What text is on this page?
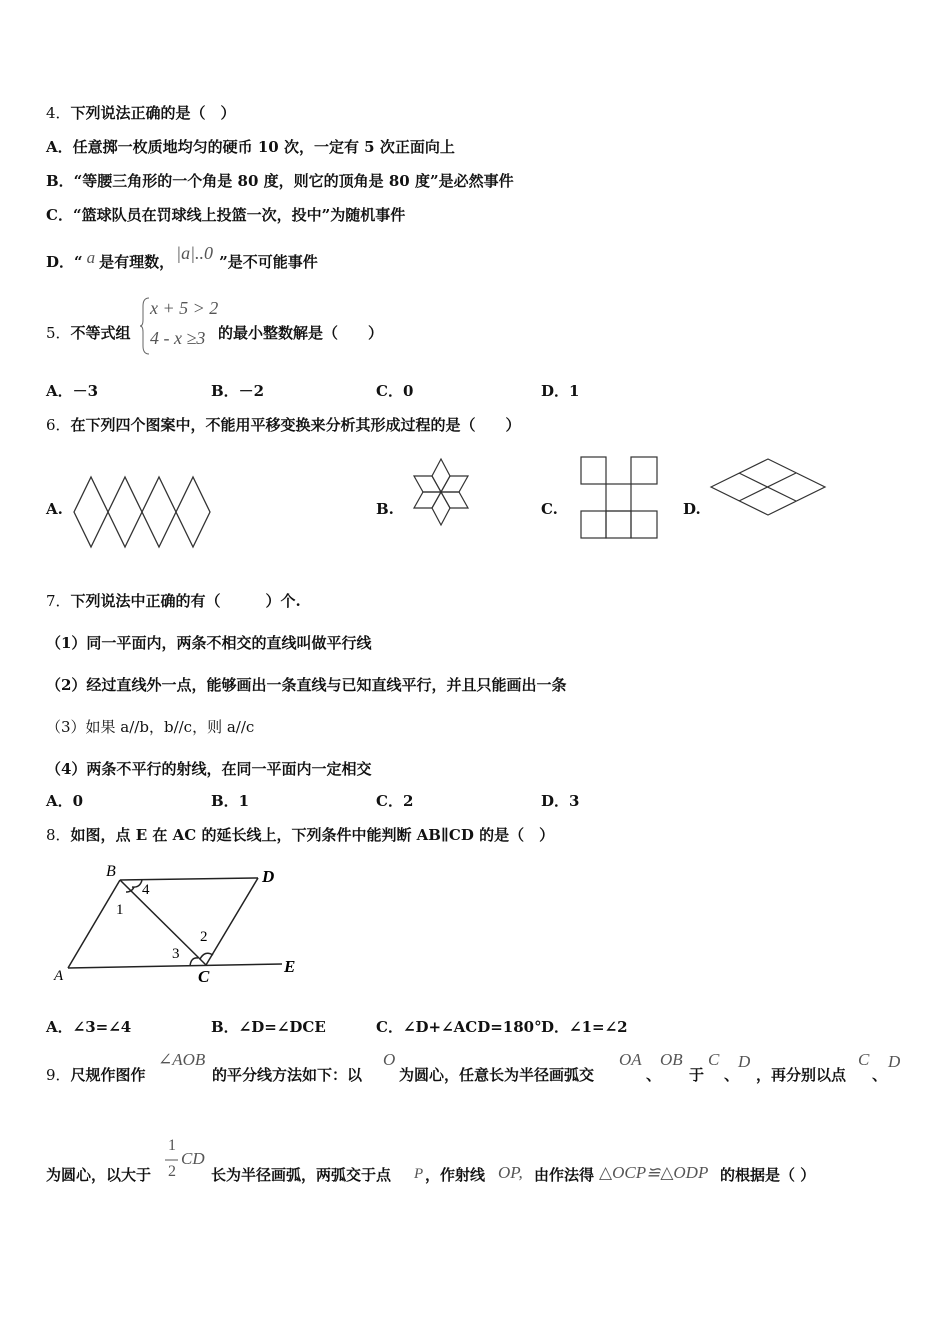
4．下列说法正确的是（　）
A．任意掷一枚质地均匀的硬币 10 次，一定有 5 次正面向上
B．“等腰三角形的一个角是 80 度，则它的顶角是 80 度”是必然事件
C．“篮球队员在罚球线上投篮一次，投中”为随机事件
D．“ a 是有理数， |a|..0 ”是不可能事件
5．不等式组
x + 5 > 2
4 - x ≥3 的最小整数解是（　　）
A．－3	B．－2	C．0	D．1
6．在下列四个图案中，不能用平移变换来分析其形成过程的是（　　）
A.	B.	C.	D.
7．下列说法中正确的有（　　　）个.
（1）同一平面内，两条不相交的直线叫做平行线
（2）经过直线外一点，能够画出一条直线与已知直线平行，并且只能画出一条
（3）如果 a//b，b//c，则 a//c
（4）两条不平行的射线，在同一平面内一定相交
A．0	B．1	C．2	D．3
8．如图，点 E 在 AC 的延长线上，下列条件中能判断 AB∥CD 的是（　）
B	D
A	C
E
1
2
3
4
A．∠3=∠4	B．∠D=∠DCE	C．∠D+∠ACD=180° D．∠1=∠2
9．尺规作图作
∠AOB
的平分线方法如下：以
O
为圆心，任意长为半径画弧交
OA
、
OB
于
C
、
D
，再分别以点
C
、
D
为圆心，以大于
1
2
CD
长为半径画弧，两弧交于点 P ，作射线 OP, 由作法得 △OCP≌△ODP 的根据是（ ）
